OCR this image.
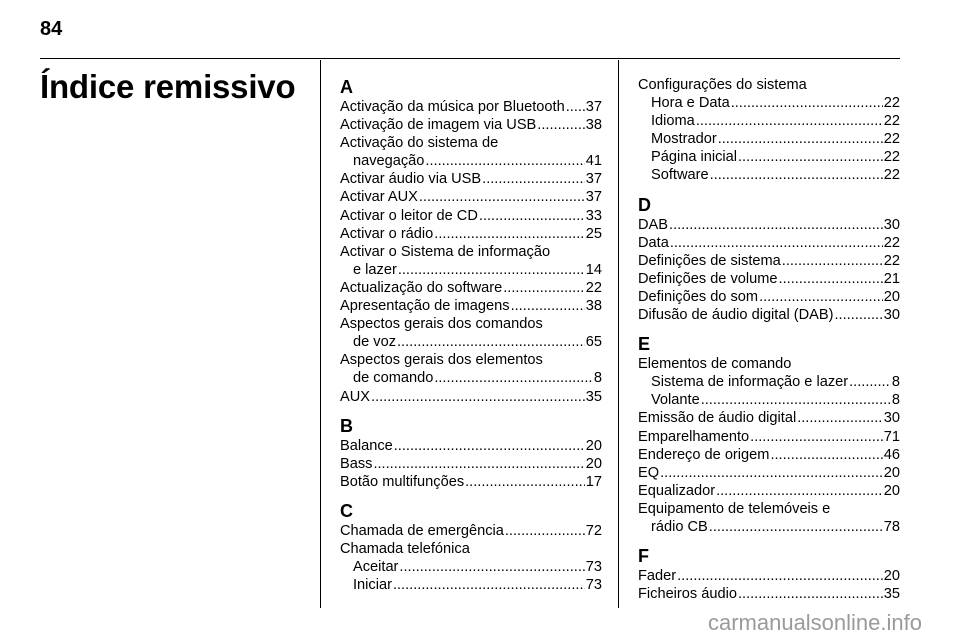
84
Índice remissivo A
Activação da música por Bluetooth ..... 37
Activação de imagem via USB .....	38
Activação do sistema de
navegação .....	41
Activar áudio via USB .....	37
Activar AUX .....	37
Activar o leitor de CD .....	33
Activar o rádio .....	25
Activar o Sistema de informação
e lazer .....	14
Actualização do software .....	22
Apresentação de imagens .....	38
Aspectos gerais dos comandos
de voz .....	65
Aspectos gerais dos elementos
de comando .....	8
AUX .....	35
B
Balance .....	20
Bass .....	20
Botão multifunções .....	17
C
Chamada de emergência .....	72
Chamada telefónica
Aceitar .....	73
Iniciar .....	73
Configurações do sistema
Hora e Data .....	22
Idioma .....	22
Mostrador .....	22
Página inicial .....	22
Software .....	22
D
DAB .....	30
Data .....	22
Definições de sistema .....	22
Definições de volume .....	21
Definições do som .....	20
Difusão de áudio digital (DAB) .....	30
E
Elementos de comando
Sistema de informação e lazer .....	8
Volante .....	8
Emissão de áudio digital .....	30
Emparelhamento .....	71
Endereço de origem .....	46
EQ .....	20
Equalizador .....	20
Equipamento de telemóveis e
rádio CB .....	78
F
Fader .....	20
Ficheiros áudio .....	35
carmanualsonline.info
